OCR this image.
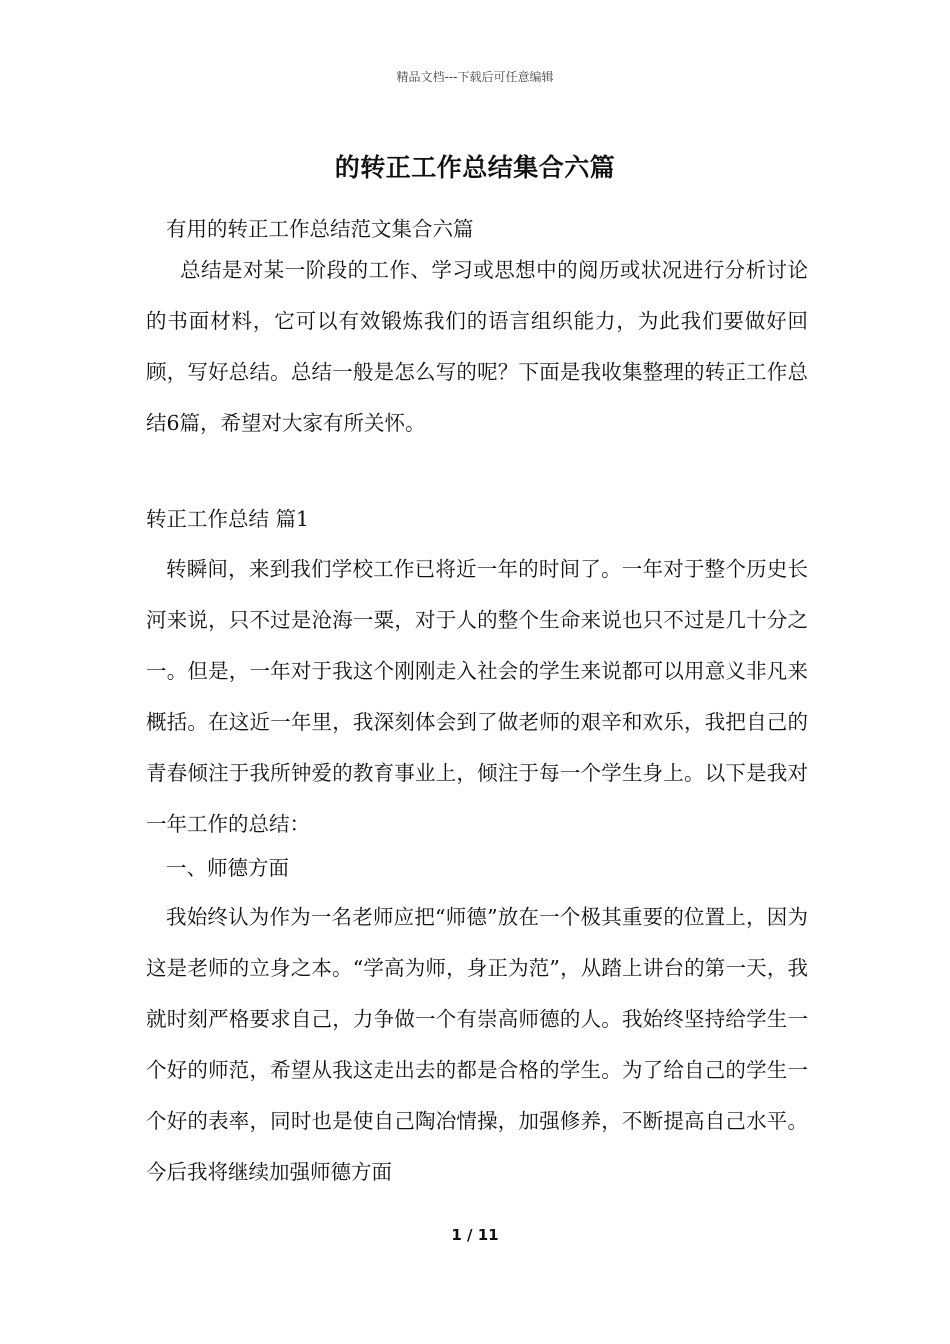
精品文档---下载后可任意编辑
的转正工作总结集合六篇

有用的转正工作总结范文集合六篇

总结是对某一阶段的工作、学习或思想中的阅历或状况进行分析讨论的书面材料，它可以有效锻炼我们的语言组织能力，为此我们要做好回顾，写好总结。总结一般是怎么写的呢？下面是我收集整理的转正工作总结6篇，希望对大家有所关怀。

转正工作总结 篇1

转瞬间，来到我们学校工作已将近一年的时间了。一年对于整个历史长河来说，只不过是沧海一粟，对于人的整个生命来说也只不过是几十分之一。但是，一年对于我这个刚刚走入社会的学生来说都可以用意义非凡来概括。在这近一年里，我深刻体会到了做老师的艰辛和欢乐，我把自己的青春倾注于我所钟爱的教育事业上，倾注于每一个学生身上。以下是我对一年工作的总结：

一、师德方面

我始终认为作为一名老师应把“师德”放在一个极其重要的位置上，因为这是老师的立身之本。“学高为师，身正为范”，从踏上讲台的第一天，我就时刻严格要求自己，力争做一个有崇高师德的人。我始终坚持给学生一个好的师范，希望从我这走出去的都是合格的学生。为了给自己的学生一个好的表率，同时也是使自己陶冶情操，加强修养，不断提高自己水平。今后我将继续加强师德方面

1 / 11
